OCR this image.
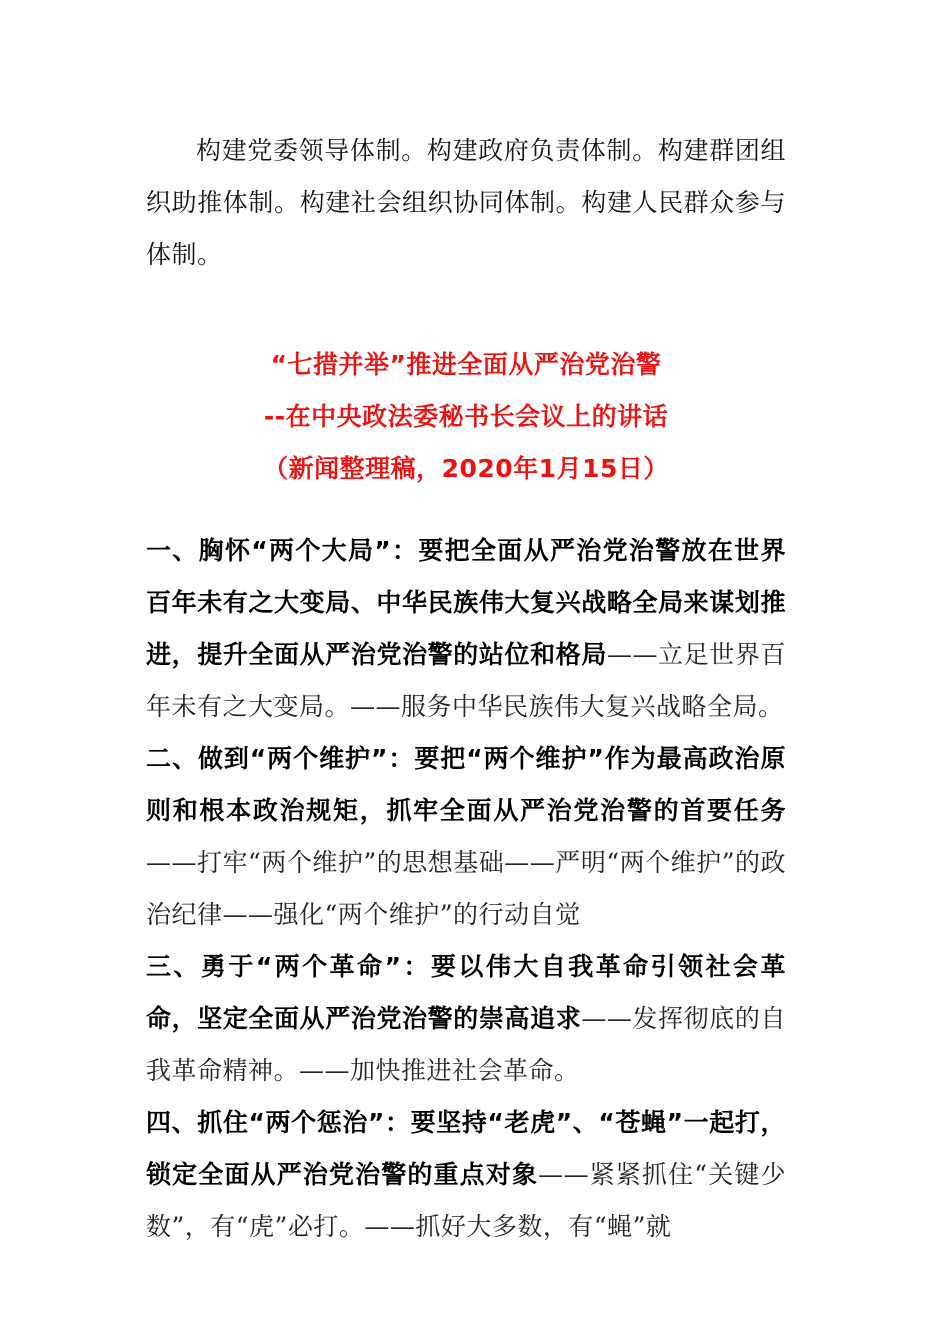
构建党委领导体制。构建政府负责体制。构建群团组织助推体制。构建社会组织协同体制。构建人民群众参与体制。

“七措并举”推进全面从严治党治警
--在中央政法委秘书长会议上的讲话
（新闻整理稿，2020年1月15日）

一、胸怀“两个大局”：要把全面从严治党治警放在世界百年未有之大变局、中华民族伟大复兴战略全局来谋划推进，提升全面从严治党治警的站位和格局——立足世界百年未有之大变局。——服务中华民族伟大复兴战略全局。

二、做到“两个维护”：要把“两个维护”作为最高政治原则和根本政治规矩，抓牢全面从严治党治警的首要任务——打牢“两个维护”的思想基础——严明“两个维护”的政治纪律——强化“两个维护”的行动自觉

三、勇于“两个革命”：要以伟大自我革命引领社会革命，坚定全面从严治党治警的崇高追求——发挥彻底的自我革命精神。——加快推进社会革命。

四、抓住“两个惩治”：要坚持“老虎”、“苍蝇”一起打，锁定全面从严治党治警的重点对象——紧紧抓住“关键少数”，有“虎”必打。——抓好大多数，有“蝇”就
